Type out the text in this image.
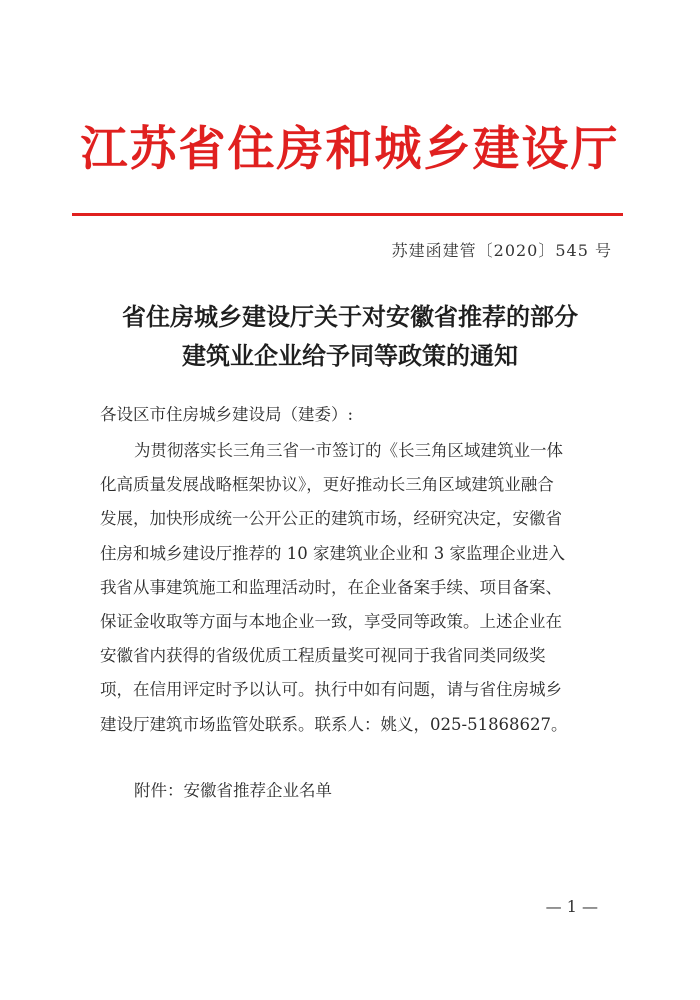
江苏省住房和城乡建设厅
苏建函建管〔2020〕545 号
省住房城乡建设厅关于对安徽省推荐的部分
建筑业企业给予同等政策的通知
各设区市住房城乡建设局（建委）:
为贯彻落实长三角三省一市签订的《长三角区域建筑业一体
化高质量发展战略框架协议》，更好推动长三角区域建筑业融合
发展，加快形成统一公开公正的建筑市场，经研究决定，安徽省
住房和城乡建设厅推荐的 10 家建筑业企业和 3 家监理企业进入
我省从事建筑施工和监理活动时，在企业备案手续、项目备案、
保证金收取等方面与本地企业一致，享受同等政策。上述企业在
安徽省内获得的省级优质工程质量奖可视同于我省同类同级奖
项，在信用评定时予以认可。执行中如有问题，请与省住房城乡
建设厅建筑市场监管处联系。联系人：姚义，025-51868627。
附件：安徽省推荐企业名单
— 1 —
